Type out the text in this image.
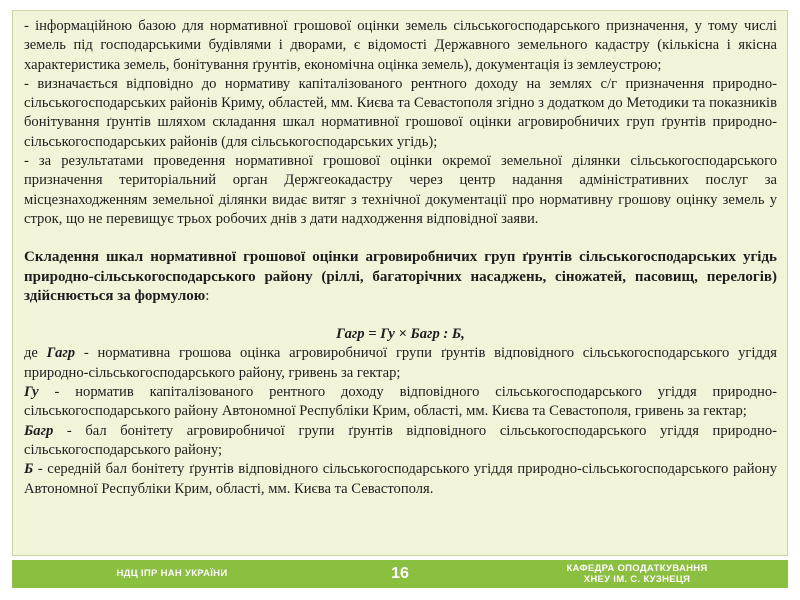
- інформаційною базою для нормативної грошової оцінки земель сільськогосподарського призначення, у тому числі земель під господарськими будівлями і дворами, є відомості Державного земельного кадастру (кількісна і якісна характеристика земель, бонітування ґрунтів, економічна оцінка земель), документація із землеустрою;

- визначається відповідно до нормативу капіталізованого рентного доходу на землях с/г призначення природно-сільськогосподарських районів Криму, областей, мм. Києва та Севастополя згідно з додатком до Методики та показників бонітування ґрунтів шляхом складання шкал нормативної грошової оцінки агровиробничих груп ґрунтів природно-сільськогосподарських районів (для сільськогосподарських угідь);

- за результатами проведення нормативної грошової оцінки окремої земельної ділянки сільськогосподарського призначення територіальний орган Держгеокадастру через центр надання адміністративних послуг за місцезнаходженням земельної ділянки видає витяг з технічної документації про нормативну грошову оцінку земель у строк, що не перевищує трьох робочих днів з дати надходження відповідної заяви.

Складення шкал нормативної грошової оцінки агровиробничих груп ґрунтів сільськогосподарських угідь природно-сільськогосподарського району (ріллі, багаторічних насаджень, сіножатей, пасовищ, перелогів) здійснюється за формулою:

Гагр = Гу × Багр : Б,

де Гагр - нормативна грошова оцінка агровиробничої групи ґрунтів відповідного сільськогосподарського угіддя природно-сільськогосподарського району, гривень за гектар;

Гу - норматив капіталізованого рентного доходу відповідного сільськогосподарського угіддя природно-сільськогосподарського району Автономної Республіки Крим, області, мм. Києва та Севастополя, гривень за гектар;

Багр - бал бонітету агровиробничої групи ґрунтів відповідного сільськогосподарського угіддя природно-сільськогосподарського району;

Б - середній бал бонітету ґрунтів відповідного сільськогосподарського угіддя природно-сільськогосподарського району Автономної Республіки Крим, області, мм. Києва та Севастополя.

НДЦ ІПР НАН УКРАЇНИ	16	КАФЕДРА ОПОДАТКУВАННЯ
ХНЕУ ІМ. С. КУЗНЕЦЯ
